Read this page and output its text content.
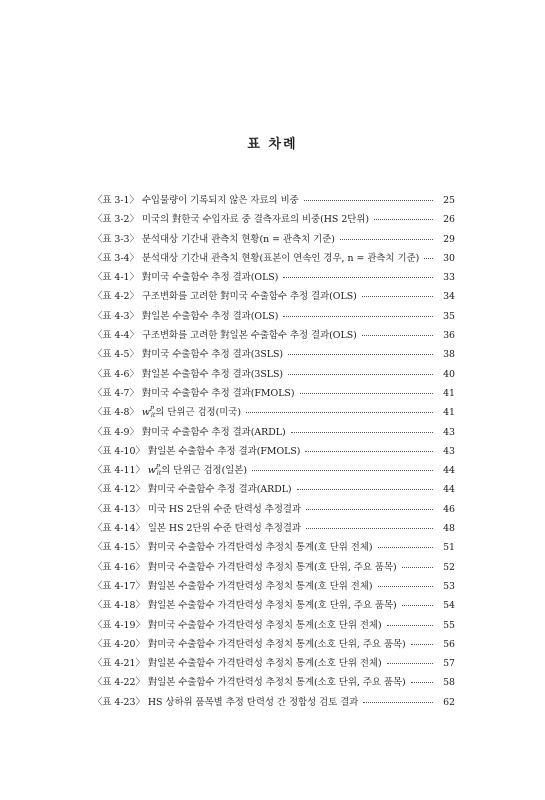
표 차례
〈표 3-1〉 수입물량이 기록되지 않은 자료의 비중	25
〈표 3-2〉 미국의 對한국 수입자료 중 결측자료의 비중(HS 2단위)	26
〈표 3-3〉 분석대상 기간내 관측치 현황(n = 관측치 기준)	29
〈표 3-4〉 분석대상 기간내 관측치 현황(표본이 연속인 경우, n = 관측치 기준)	30
〈표 4-1〉 對미국 수출함수 추정 결과(OLS)	33
〈표 4-2〉 구조변화를 고려한 對미국 수출함수 추정 결과(OLS)	34
〈표 4-3〉 對일본 수출함수 추정 결과(OLS)	35
〈표 4-4〉 구조변화를 고려한 對일본 수출함수 추정 결과(OLS)	36
〈표 4-5〉 對미국 수출함수 추정 결과(3SLS)	38
〈표 4-6〉 對일본 수출함수 추정 결과(3SLS)	40
〈표 4-7〉 對미국 수출함수 추정 결과(FMOLS)	41
〈표 4-8〉 $w^P_{it}$의 단위근 검정(미국)	41
〈표 4-9〉 對미국 수출함수 추정 결과(ARDL)	43
〈표 4-10〉 對일본 수출함수 추정 결과(FMOLS)	43
〈표 4-11〉 $w^P_{it}$의 단위근 검정(일본)	44
〈표 4-12〉 對미국 수출함수 추정 결과(ARDL)	44
〈표 4-13〉 미국 HS 2단위 수준 탄력성 추정결과	46
〈표 4-14〉 일본 HS 2단위 수준 탄력성 추정결과	48
〈표 4-15〉 對미국 수출함수 가격탄력성 추정치 통계(호 단위 전체)	51
〈표 4-16〉 對미국 수출함수 가격탄력성 추정치 통계(호 단위, 주요 품목)	52
〈표 4-17〉 對일본 수출함수 가격탄력성 추정치 통계(호 단위 전체)	53
〈표 4-18〉 對일본 수출함수 가격탄력성 추정치 통계(호 단위, 주요 품목)	54
〈표 4-19〉 對미국 수출함수 가격탄력성 추정치 통계(소호 단위 전체)	55
〈표 4-20〉 對미국 수출함수 가격탄력성 추정치 통계(소호 단위, 주요 품목)	56
〈표 4-21〉 對일본 수출함수 가격탄력성 추정치 통계(소호 단위 전체)	57
〈표 4-22〉 對일본 수출함수 가격탄력성 추정치 통계(소호 단위, 주요 품목)	58
〈표 4-23〉 HS 상하위 품목별 추정 탄력성 간 정합성 검토 결과	62
